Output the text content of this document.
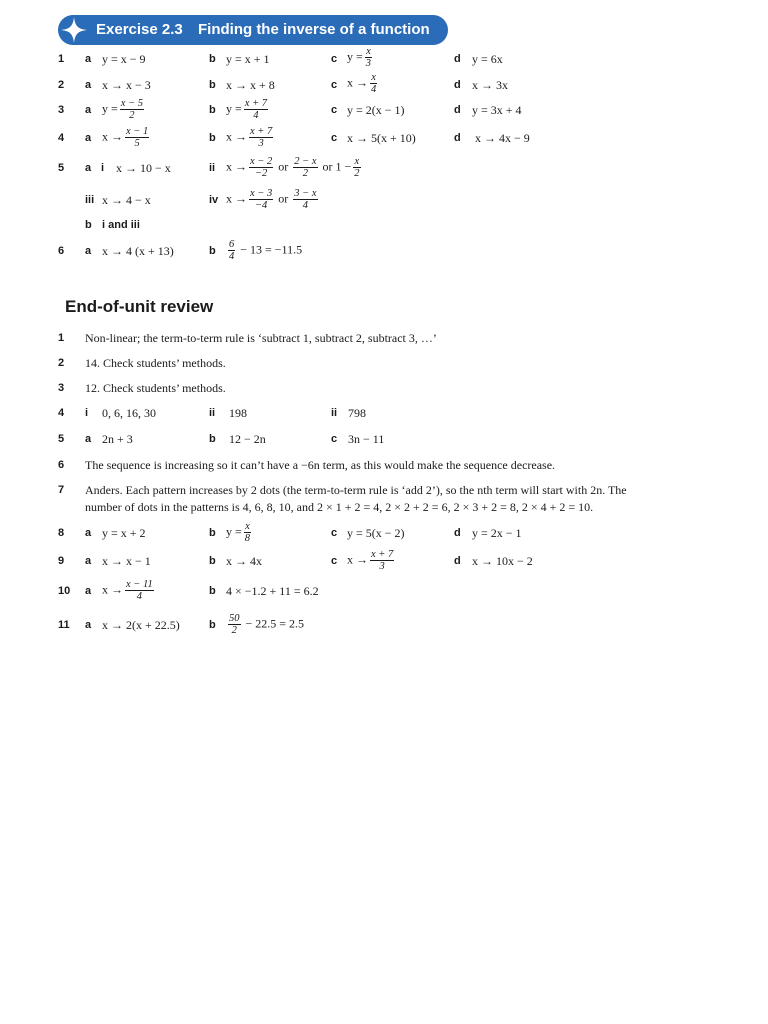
Exercise 2.3 Finding the inverse of a function
1	a y = x − 9	b y = x + 1	c $y = \frac{x}{3}$	d y = 6x
2	a x → x − 3	b x → x + 8	c $x \to \frac{x}{4}$	d x → 3x
3	a $y = \frac{x - 5}{2}$	b $y = \frac{x + 7}{4}$	c y = 2(x − 1)	d y = 3x + 4
4	a $x \to \frac{x - 1}{5}$	b $x \to \frac{x + 7}{3}$	c x → 5(x + 10)	d	x → 4x − 9
5	a i x → 10 − x	ii $x \to \frac{x - 2}{-2}$ or $\frac{2 - x}{2}$ or $1 - \frac{x}{2}$
iii x → 4 − x	iv $x \to \frac{x - 3}{-4}$ or $\frac{3 - x}{4}$
b i and iii
6	a x → 4 (x + 13)	b	$\frac{6}{4} - 13 = -11.5$
End-of-unit review
1	Non-linear; the term-to-term rule is ‘subtract 1, subtract 2, subtract 3, …’
2	14. Check students’ methods.
3	12. Check students’ methods.
4	i	0, 6, 16, 30	ii	198	ii 798
5	a 2n + 3	b	12 − 2n	c 3n − 11
6	The sequence is increasing so it can’t have a −6n term, as this would make the sequence decrease.
7	Anders. Each pattern increases by 2 dots (the term-to-term rule is ‘add 2’), so the nth term will start with 2n. The
number of dots in the patterns is 4, 6, 8, 10, and 2 × 1 + 2 = 4, 2 × 2 + 2 = 6, 2 × 3 + 2 = 8, 2 × 4 + 2 = 10.
8	a y = x + 2	b $y = \frac{x}{8}$	c y = 5(x − 2)	d y = 2x − 1
9	a x → x − 1	b x → 4x	c $x \to \frac{x + 7}{3}$	d x → 10x − 2
10	a $x \to \frac{x - 11}{4}$	b 4 × −1.2 + 11 = 6.2
11	a x → 2(x + 22.5)	b	$\frac{50}{2} - 22.5 = 2.5$
